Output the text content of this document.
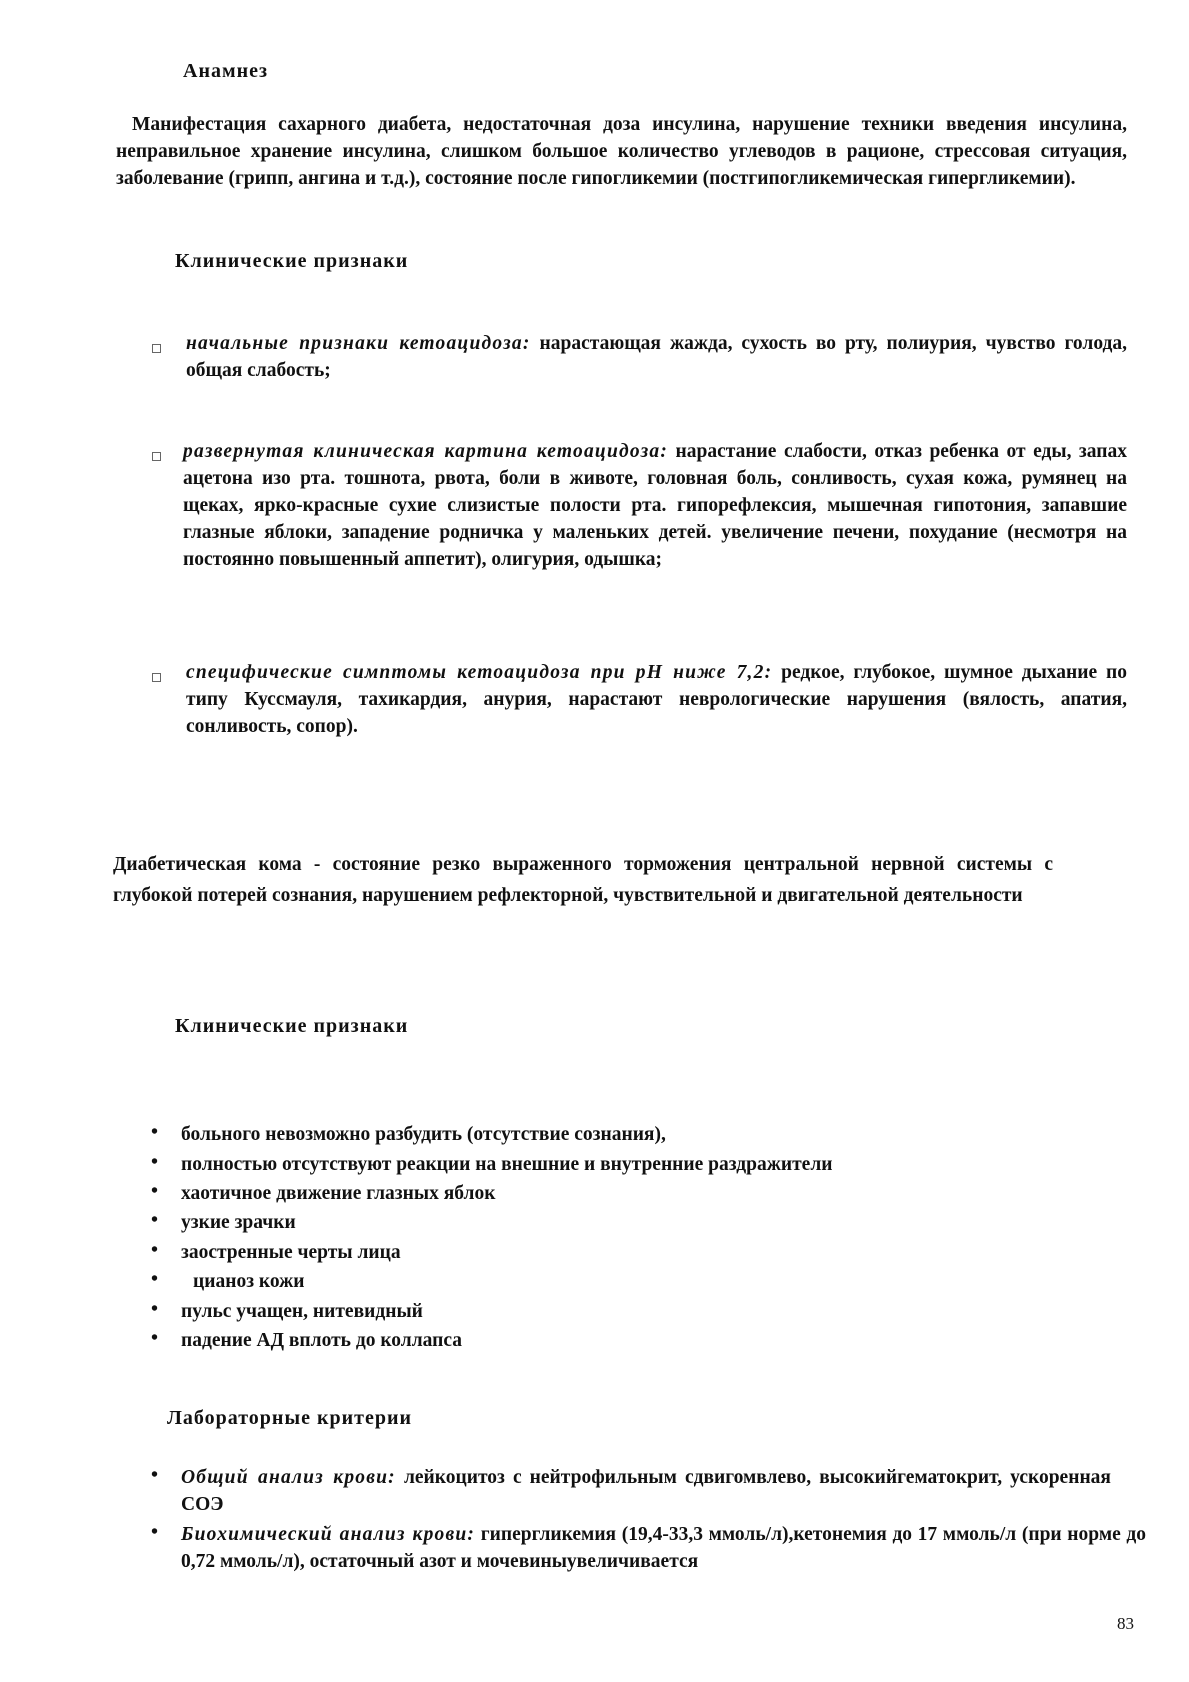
Анамнез
Манифестация сахарного диабета, недостаточная доза инсулина, нарушение техники введения инсулина, неправильное хранение инсулина, слишком большое количество углеводов в рационе, стрессовая ситуация, заболевание (грипп, ангина и т.д.), состояние после гипогликемии (постгипогликемическая гипергликемии).
Клинические признаки
начальные признаки кетоацидоза: нарастающая жажда, сухость во рту, полиурия, чувство голода, общая слабость;
развернутая клиническая картина кетоацидоза: нарастание слабости, отказ ребенка от еды, запах ацетона изо рта. тошнота, рвота, боли в животе, головная боль, сонливость, сухая кожа, румянец на щеках, ярко-красные сухие слизистые полости рта. гипорефлексия, мышечная гипотония, запавшие глазные яблоки, западение родничка у маленьких детей. увеличение печени, похудание (несмотря на постоянно повышенный аппетит), олигурия, одышка;
специфические симптомы кетоацидоза при pH ниже 7,2: редкое, глубокое, шумное дыхание по типу Куссмауля, тахикардия, анурия, нарастают неврологические нарушения (вялость, апатия, сонливость, сопор).
Диабетическая кома - состояние резко выраженного торможения центральной нервной системы с глубокой потерей сознания, нарушением рефлекторной, чувствительной и двигательной деятельности
Клинические признаки
• больного невозможно разбудить (отсутствие сознания),
• полностью отсутствуют реакции на внешние и внутренние раздражители
• хаотичное движение глазных яблок
• узкие зрачки
• заостренные черты лица
• цианоз кожи
• пульс учащен, нитевидный
• падение АД вплоть до коллапса
Лабораторные критерии
• Общий анализ крови: лейкоцитоз с нейтрофильным сдвигомвлево, высокийгематокрит, ускоренная СОЭ
• Биохимический анализ крови: гипергликемия (19,4-33,3 ммоль/л),кетонемия до 17 ммоль/л (при норме до 0,72 ммоль/л), остаточный азот и мочевиныувеличивается
83
